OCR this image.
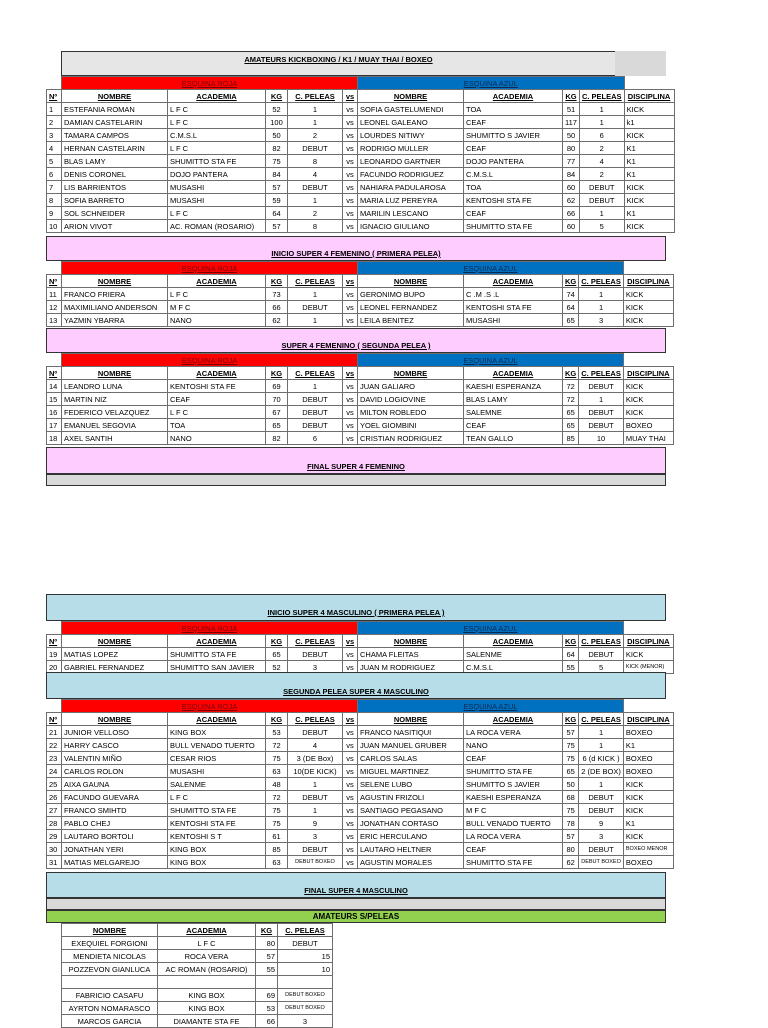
AMATEURS KICKBOXING / K1 / MUAY THAI / BOXEO
	ESQUINA ROJA					ESQUINA AZUL				
Nº	NOMBRE	ACADEMIA	KG	C. PELEAS	vs	NOMBRE	ACADEMIA	KG	C. PELEAS	DISCIPLINA
1	ESTEFANIA ROMAN	L F C	52	1	vs	SOFIA GASTELUMENDI	TOA	51	1	KICK
2	DAMIAN CASTELARIN	L F C	100	1	vs	LEONEL GALEANO	CEAF	117	1	k1
3	TAMARA CAMPOS	C.M.S.L	50	2	vs	LOURDES NITIWY	SHUMITTO S JAVIER	50	6	KICK
4	HERNAN CASTELARIN	L F C	82	DEBUT	vs	RODRIGO MULLER	CEAF	80	2	K1
5	BLAS LAMY	SHUMITTO STA FE	75	8	vs	LEONARDO GARTNER	DOJO PANTERA	77	4	K1
6	DENIS CORONEL	DOJO PANTERA	84	4	vs	FACUNDO RODRIGUEZ	C.M.S.L	84	2	K1
7	LIS BARRIENTOS	MUSASHI	57	DEBUT	vs	NAHIARA PADULAROSA	TOA	60	DEBUT	KICK
8	SOFIA BARRETO	MUSASHI	59	1	vs	MARIA LUZ PEREYRA	KENTOSHI STA FE	62	DEBUT	KICK
9	SOL SCHNEIDER	L F C	64	2	vs	MARILIN LESCANO	CEAF	66	1	K1
10	ARION VIVOT	AC. ROMAN (ROSARIO)	57	8	vs	IGNACIO GIULIANO	SHUMITTO STA FE	60	5	KICK
INICIO SUPER 4 FEMENINO ( PRIMERA PELEA)
	ESQUINA ROJA					ESQUINA AZUL				
Nº	NOMBRE	ACADEMIA	KG	C. PELEAS	vs	NOMBRE	ACADEMIA	KG	C. PELEAS	DISCIPLINA
11	FRANCO FRIERA	L F C	73	1	vs	GERONIMO BUPO	C .M .S .L	74	1	KICK
12	MAXIMILIANO ANDERSON	M F C	66	DEBUT	vs	LEONEL FERNANDEZ	KENTOSHI STA FE	64	1	KICK
13	YAZMIN YBARRA	NANO	62	1	vs	LEILA BENITEZ	MUSASHI	65	3	KICK
SUPER 4 FEMENINO ( SEGUNDA PELEA )
	ESQUINA ROJA					ESQUINA AZUL				
Nº	NOMBRE	ACADEMIA	KG	C. PELEAS	vs	NOMBRE	ACADEMIA	KG	C. PELEAS	DISCIPLINA
14	LEANDRO LUNA	KENTOSHI STA FE	69	1	vs	JUAN GALIARO	KAESHI ESPERANZA	72	DEBUT	KICK
15	MARTIN NIZ	CEAF	70	DEBUT	vs	DAVID LOGIOVINE	BLAS LAMY	72	1	KICK
16	FEDERICO VELAZQUEZ	L F C	67	DEBUT	vs	MILTON ROBLEDO	SALEMNE	65	DEBUT	KICK
17	EMANUEL SEGOVIA	TOA	65	DEBUT	vs	YOEL GIOMBINI	CEAF	65	DEBUT	BOXEO
18	AXEL SANTIH	NANO	82	6	vs	CRISTIAN RODRIGUEZ	TEAN GALLO	85	10	MUAY THAI
FINAL SUPER 4 FEMENINO
INICIO SUPER 4 MASCULINO ( PRIMERA PELEA )
	ESQUINA ROJA					ESQUINA AZUL				
Nº	NOMBRE	ACADEMIA	KG	C. PELEAS	vs	NOMBRE	ACADEMIA	KG	C. PELEAS	DISCIPLINA
19	MATIAS LOPEZ	SHUMITTO STA FE	65	DEBUT	vs	CHAMA FLEITAS	SALENME	64	DEBUT	KICK
20	GABRIEL FERNANDEZ	SHUMITTO SAN JAVIER	52	3	vs	JUAN M RODRIGUEZ	C.M.S.L	55	5	KICK (MENOR)
SEGUNDA PELEA SUPER 4 MASCULINO
	ESQUINA ROJA					ESQUINA AZUL				
Nº	NOMBRE	ACADEMIA	KG	C. PELEAS	vs	NOMBRE	ACADEMIA	KG	C. PELEAS	DISCIPLINA
21	JUNIOR VELLOSO	KING BOX	53	DEBUT	vs	FRANCO NASITIQUI	LA ROCA VERA	57	1	BOXEO
22	HARRY CASCO	BULL VENADO TUERTO	72	4	vs	JUAN MANUEL GRUBER	NANO	75	1	K1
23	VALENTIN MIÑO	CESAR RIOS	75	3 (DE Box)	vs	CARLOS SALAS	CEAF	75	6 (d KICK )	BOXEO
24	CARLOS ROLON	MUSASHI	63	10(DE KICK)	vs	MIGUEL MARTINEZ	SHUMITTO STA FE	65	2 (DE BOX)	BOXEO
25	AIXA GAUNA	SALENME	48	1	vs	SELENE LUBO	SHUMITTO S JAVIER	50	1	KICK
26	FACUNDO GUEVARA	L F C	72	DEBUT	vs	AGUSTIN FRIZOLI	KAESHI ESPERANZA	68	DEBUT	KICK
27	FRANCO SMIHTD	SHUMITTO STA FE	75	1	vs	SANTIAGO PEGASANO	M F C	75	DEBUT	KICK
28	PABLO CHEJ	KENTOSHI STA FE	75	9	vs	JONATHAN CORTASO	BULL VENADO TUERTO	78	9	K1
29	LAUTARO BORTOLI	KENTOSHI S T	61	3	vs	ERIC HERCULANO	LA ROCA VERA	57	3	KICK
30	JONATHAN YERI	KING BOX	85	DEBUT	vs	LAUTARO HELTNER	CEAF	80	DEBUT	BOXEO MENOR
31	MATIAS MELGAREJO	KING BOX	63	DEBUT BOXEO	vs	AGUSTIN MORALES	SHUMITTO STA FE	62	DEBUT BOXEO	BOXEO
FINAL SUPER 4 MASCULINO
AMATEURS S/PELEAS
NOMBRE	ACADEMIA	KG	C. PELEAS
EXEQUIEL FORGIONI	L F C	80	DEBUT
MENDIETA NICOLAS	ROCA VERA	57	15
POZZEVON GIANLUCA	AC ROMAN (ROSARIO)	55	10

FABRICIO CASAFU	KING BOX	69	DEBUT BOXEO
AYRTON NOMARASCO	KING BOX	53	DEBUT BOXEO
MARCOS GARCIA	DIAMANTE STA FE	66	3
